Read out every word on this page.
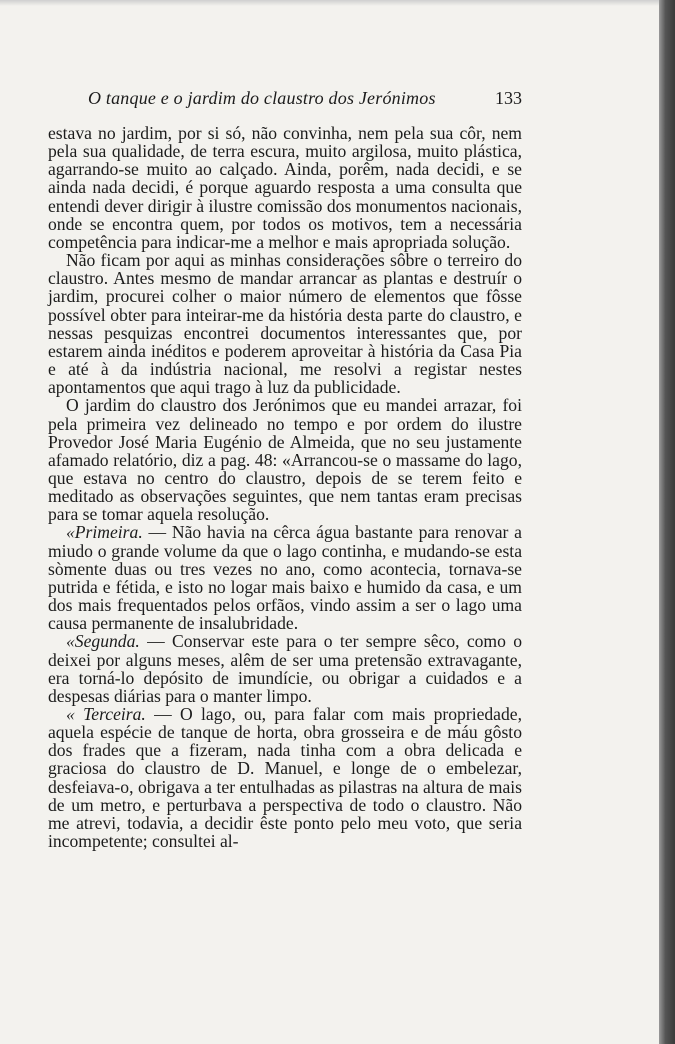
O tanque e o jardim do claustro dos Jerónimos	133

estava no jardim, por si só, não convinha, nem pela sua côr, nem pela sua qualidade, de terra escura, muito argilosa, muito plástica, agarrando-se muito ao calçado. Ainda, porêm, nada decidi, e se ainda nada decidi, é porque aguardo resposta a uma consulta que entendi dever dirigir à ilustre comissão dos monumentos nacionais, onde se encontra quem, por todos os motivos, tem a necessária competência para indicar-me a melhor e mais apropriada solução.

Não ficam por aqui as minhas considerações sôbre o terreiro do claustro. Antes mesmo de mandar arrancar as plantas e destruír o jardim, procurei colher o maior número de elementos que fôsse possível obter para inteirar-me da história desta parte do claustro, e nessas pesquizas encontrei documentos interessantes que, por estarem ainda inéditos e poderem aproveitar à história da Casa Pia e até à da indústria nacional, me resolvi a registar nestes apontamentos que aqui trago à luz da publicidade.

O jardim do claustro dos Jerónimos que eu mandei arrazar, foi pela primeira vez delineado no tempo e por ordem do ilustre Provedor José Maria Eugénio de Almeida, que no seu justamente afamado relatório, diz a pag. 48: «Arrancou-se o massame do lago, que estava no centro do claustro, depois de se terem feito e meditado as observações seguintes, que nem tantas eram precisas para se tomar aquela resolução.

«Primeira. — Não havia na cêrca água bastante para renovar a miudo o grande volume da que o lago continha, e mudando-se esta sòmente duas ou tres vezes no ano, como acontecia, tornava-se putrida e fétida, e isto no logar mais baixo e humido da casa, e um dos mais frequentados pelos orfãos, vindo assim a ser o lago uma causa permanente de insalubridade.

«Segunda. — Conservar este para o ter sempre sêco, como o deixei por alguns meses, alêm de ser uma pretensão extravagante, era torná-lo depósito de imundície, ou obrigar a cuidados e a despesas diárias para o manter limpo.

« Terceira. — O lago, ou, para falar com mais propriedade, aquela espécie de tanque de horta, obra grosseira e de máu gôsto dos frades que a fizeram, nada tinha com a obra delicada e graciosa do claustro de D. Manuel, e longe de o embelezar, desfeiava-o, obrigava a ter entulhadas as pilastras na altura de mais de um metro, e perturbava a perspectiva de todo o claustro. Não me atrevi, todavia, a decidir êste ponto pelo meu voto, que seria incompetente; consultei al-
